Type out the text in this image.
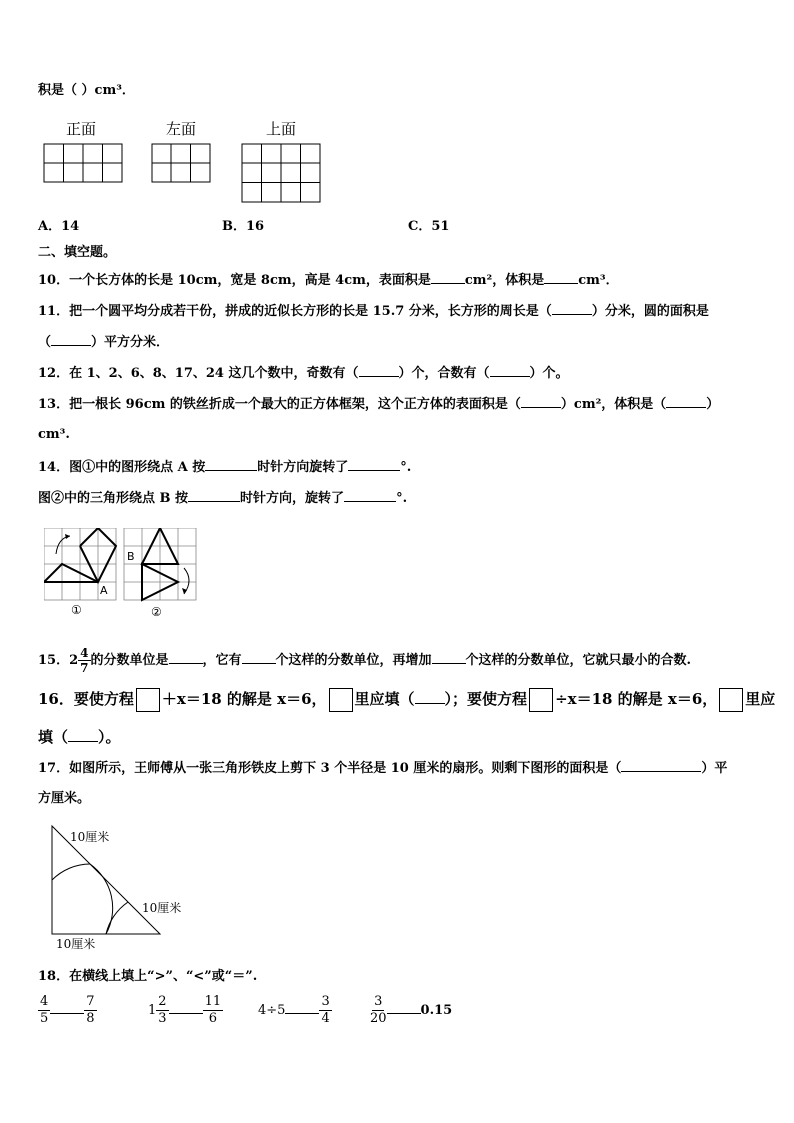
积是（ ）cm³．
正面	左面	上面
A．14	B．16	C．51
二、填空题。
10．一个长方体的长是 10cm，宽是 8cm，高是 4cm，表面积是	cm²，体积是	cm³．
11．把一个圆平均分成若干份，拼成的近似长方形的长是 15.7 分米，长方形的周长是（	）分米，圆的面积是
（	）平方分米．
12．在 1、2、6、8、17、24 这几个数中，奇数有（	）个，合数有（	）个。
13．把一根长 96cm 的铁丝折成一个最大的正方体框架，这个正方体的表面积是（	）cm²，体积是（	）
cm³.
14．图①中的图形绕点 A 按	时针方向旋转了	°.
图②中的三角形绕点 B 按	时针方向，旋转了	°.
A
①
B
②
15．$2 \frac{4}{7}$ 的分数单位是	，它有	个这样的分数单位，再增加	个这样的分数单位，它就只最小的合数.
16．要使方程 ＋x＝18 的解是 x＝6， 里应填（ ）；要使方程 ÷x＝18 的解是 x＝6， 里应
填（ ）。
17．如图所示，王师傅从一张三角形铁皮上剪下 3 个半径是 10 厘米的扇形。则剩下图形的面积是（	）平
方厘米。
10厘米
10厘米
10厘米
18．在横线上填上“>”、“<”或“＝”.
$\frac{4}{5}$	$\frac{7}{8}$	$1 \frac{2}{3}$	$\frac{11}{6}$	4÷5	$\frac{3}{4}$	$\frac{3}{20}$	0.15
